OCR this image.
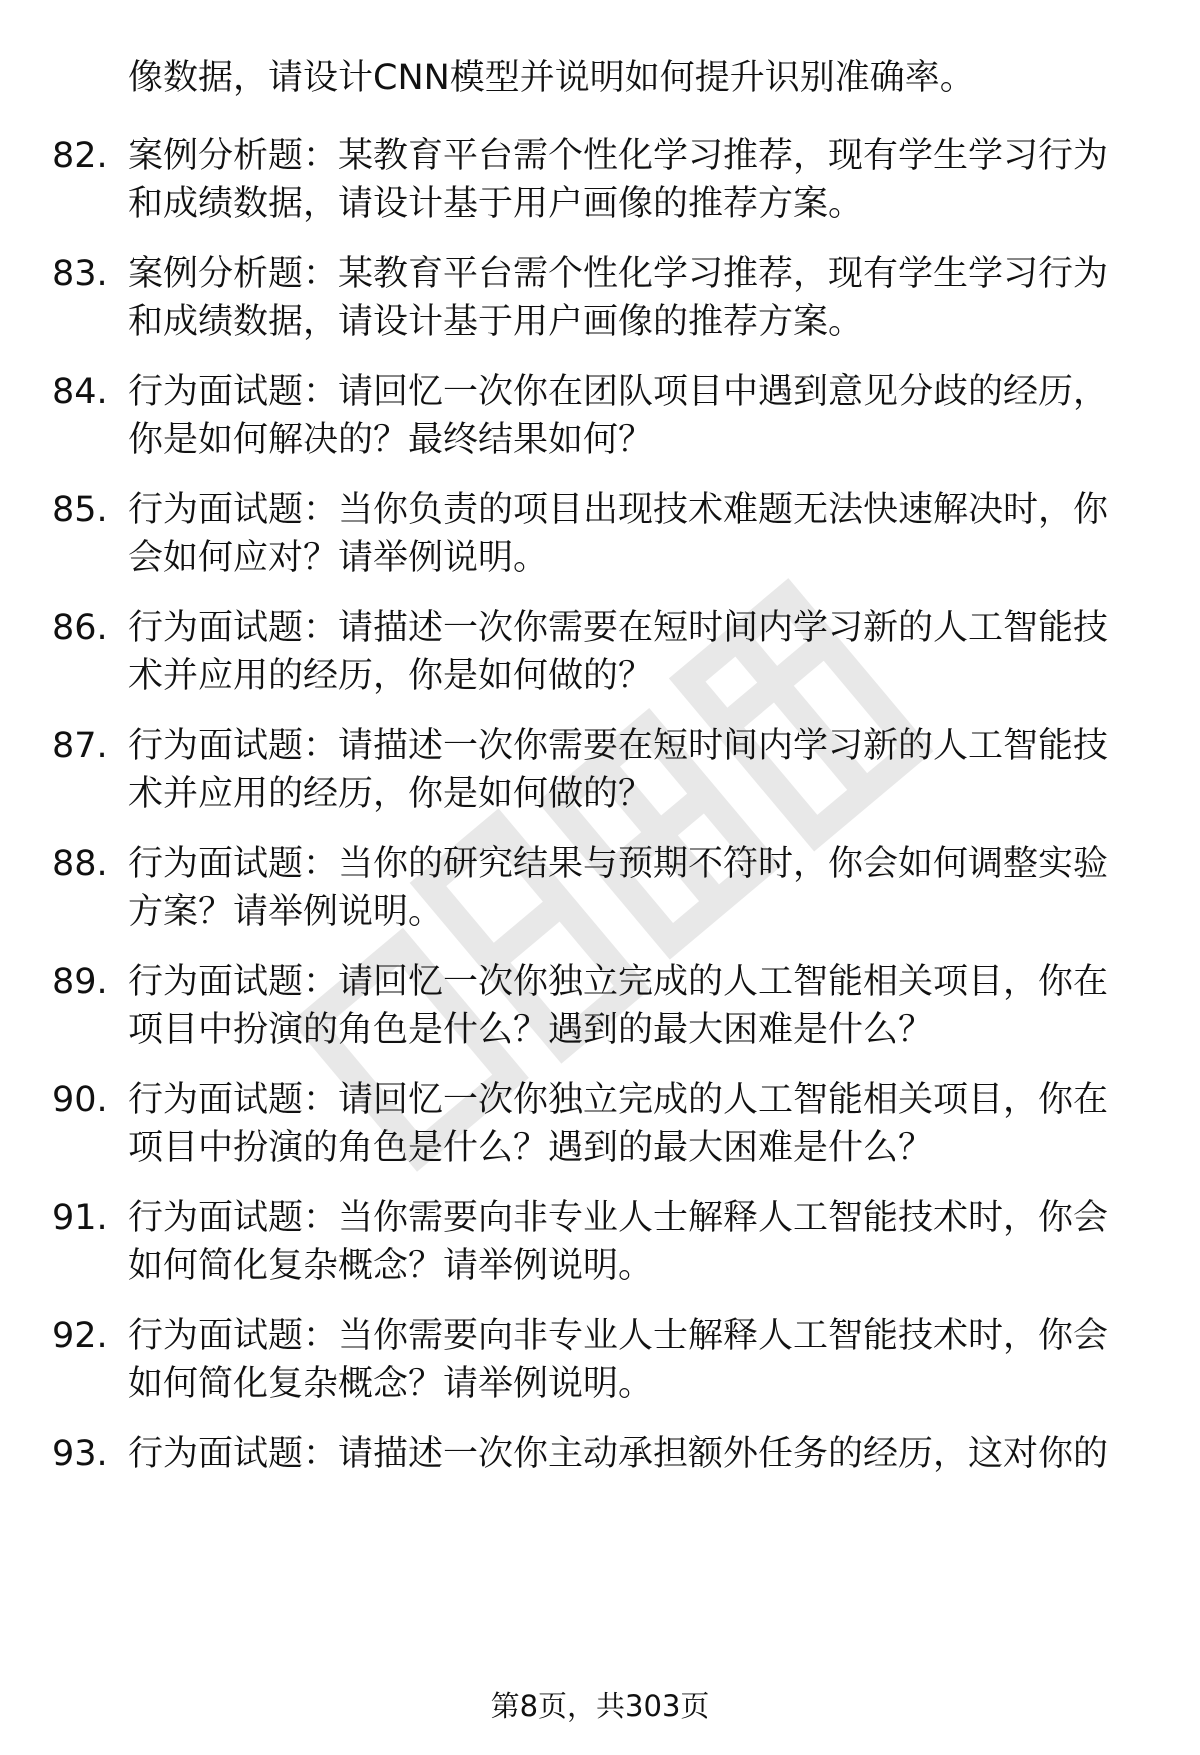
像数据，请设计CNN模型并说明如何提升识别准确率。
82. 案例分析题：某教育平台需个性化学习推荐，现有学生学习行为
和成绩数据，请设计基于用户画像的推荐方案。
83. 案例分析题：某教育平台需个性化学习推荐，现有学生学习行为
和成绩数据，请设计基于用户画像的推荐方案。
84. 行为面试题：请回忆一次你在团队项目中遇到意见分歧的经历，
你是如何解决的？最终结果如何？
85. 行为面试题：当你负责的项目出现技术难题无法快速解决时，你
会如何应对？请举例说明。
86. 行为面试题：请描述一次你需要在短时间内学习新的人工智能技
术并应用的经历，你是如何做的？
87. 行为面试题：请描述一次你需要在短时间内学习新的人工智能技
术并应用的经历，你是如何做的？
88. 行为面试题：当你的研究结果与预期不符时，你会如何调整实验
方案？请举例说明。
89. 行为面试题：请回忆一次你独立完成的人工智能相关项目，你在
项目中扮演的角色是什么？遇到的最大困难是什么？
90. 行为面试题：请回忆一次你独立完成的人工智能相关项目，你在
项目中扮演的角色是什么？遇到的最大困难是什么？
91. 行为面试题：当你需要向非专业人士解释人工智能技术时，你会
如何简化复杂概念？请举例说明。
92. 行为面试题：当你需要向非专业人士解释人工智能技术时，你会
如何简化复杂概念？请举例说明。
93. 行为面试题：请描述一次你主动承担额外任务的经历，这对你的
第8页，共303页
